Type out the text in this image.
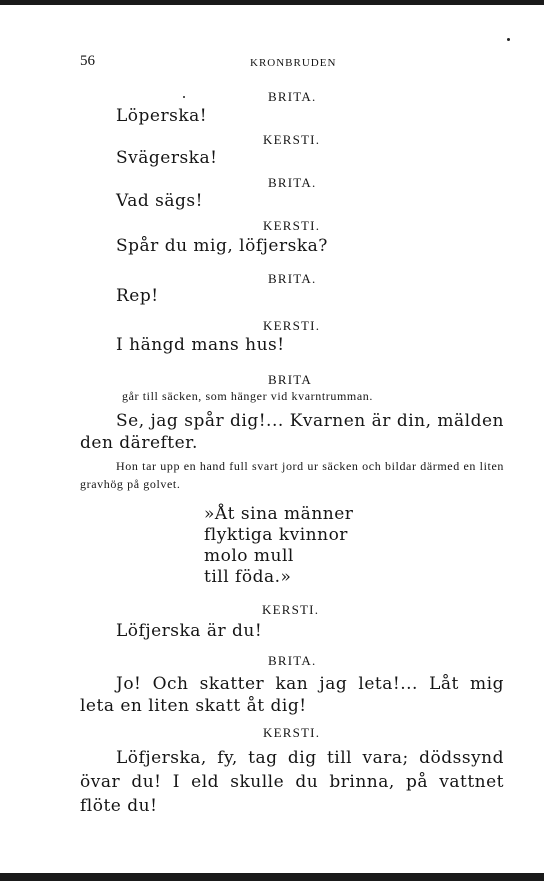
56	KRONBRUDEN
BRITA.
Löperska!
KERSTI.
Svägerska!
BRITA.
Vad sägs!
KERSTI.
Spår du mig, löfjerska?
BRITA.
Rep!
KERSTI.
I hängd mans hus!
BRITA
går till säcken, som hänger vid kvarntrumman.
Se, jag spår dig!... Kvarnen är din, mälden den därefter.
Hon tar upp en hand full svart jord ur säcken och bildar därmed en liten gravhög på golvet.
»Åt sina männer
flyktiga kvinnor
molo mull
till föda.»
KERSTI.
Löfjerska är du!
BRITA.
Jo! Och skatter kan jag leta!... Låt mig leta en liten skatt åt dig!
KERSTI.
Löfjerska, fy, tag dig till vara; dödssynd övar du! I eld skulle du brinna, på vattnet flöte du!
